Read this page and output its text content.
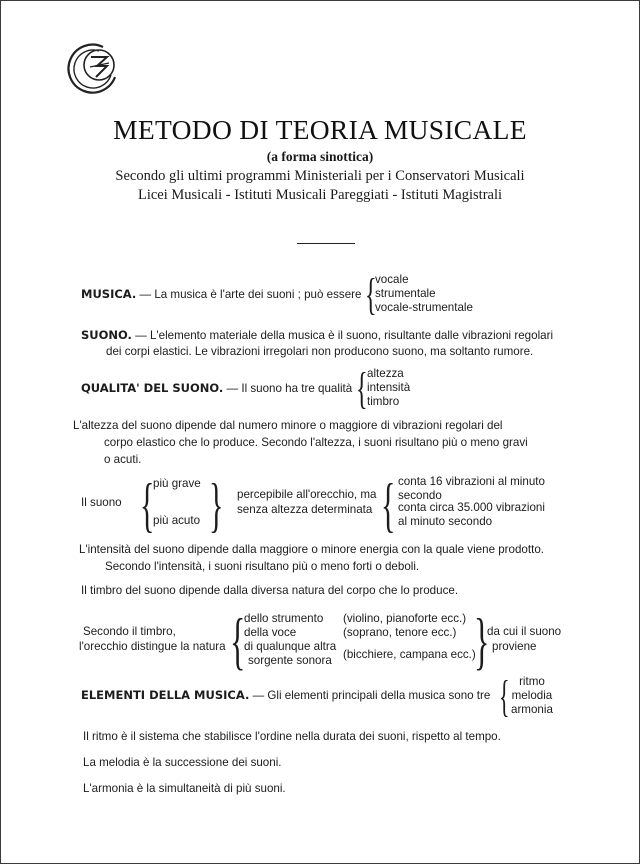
METODO DI TEORIA MUSICALE
(a forma sinottica)
Secondo gli ultimi programmi Ministeriali per i Conservatori Musicali
Licei Musicali - Istituti Musicali Pareggiati - Istituti Magistrali
MUSICA. — La musica è l'arte dei suoni ; può essere {
vocale
strumentale
vocale-strumentale
SUONO. — L'elemento materiale della musica è il suono, risultante dalle vibrazioni regolari
dei corpi elastici. Le vibrazioni irregolari non producono suono, ma soltanto rumore.
QUALITA' DEL SUONO. — Il suono ha tre qualità { altezza
intensità
timbro
L'altezza del suono dipende dal numero minore o maggiore di vibrazioni regolari del
corpo elastico che lo produce. Secondo l'altezza, i suoni risultano più o meno gravi
o acuti.
Il suono {
più grave
più acuto } percepibile all'orecchio, ma
senza altezza determinata { conta 16 vibrazioni al minuto
secondo
conta circa 35.000 vibrazioni
al minuto secondo
L'intensità del suono dipende dalla maggiore o minore energia con la quale viene prodotto.
Secondo l'intensità, i suoni risultano più o meno forti o deboli.
Il timbro del suono dipende dalla diversa natura del corpo che lo produce.
Secondo il timbro,
l'orecchio distingue la natura {
dello strumento
della voce
di qualunque altra
sorgente sonora
(violino, pianoforte ecc.)
(soprano, tenore ecc.)
(bicchiere, campana ecc.)
}
da cui il suono
proviene
ELEMENTI DELLA MUSICA. — Gli elementi principali della musica sono tre { ritmo
melodia
armonia
Il ritmo è il sistema che stabilisce l'ordine nella durata dei suoni, rispetto al tempo.
La melodia è la successione dei suoni.
L'armonia è la simultaneità di più suoni.
